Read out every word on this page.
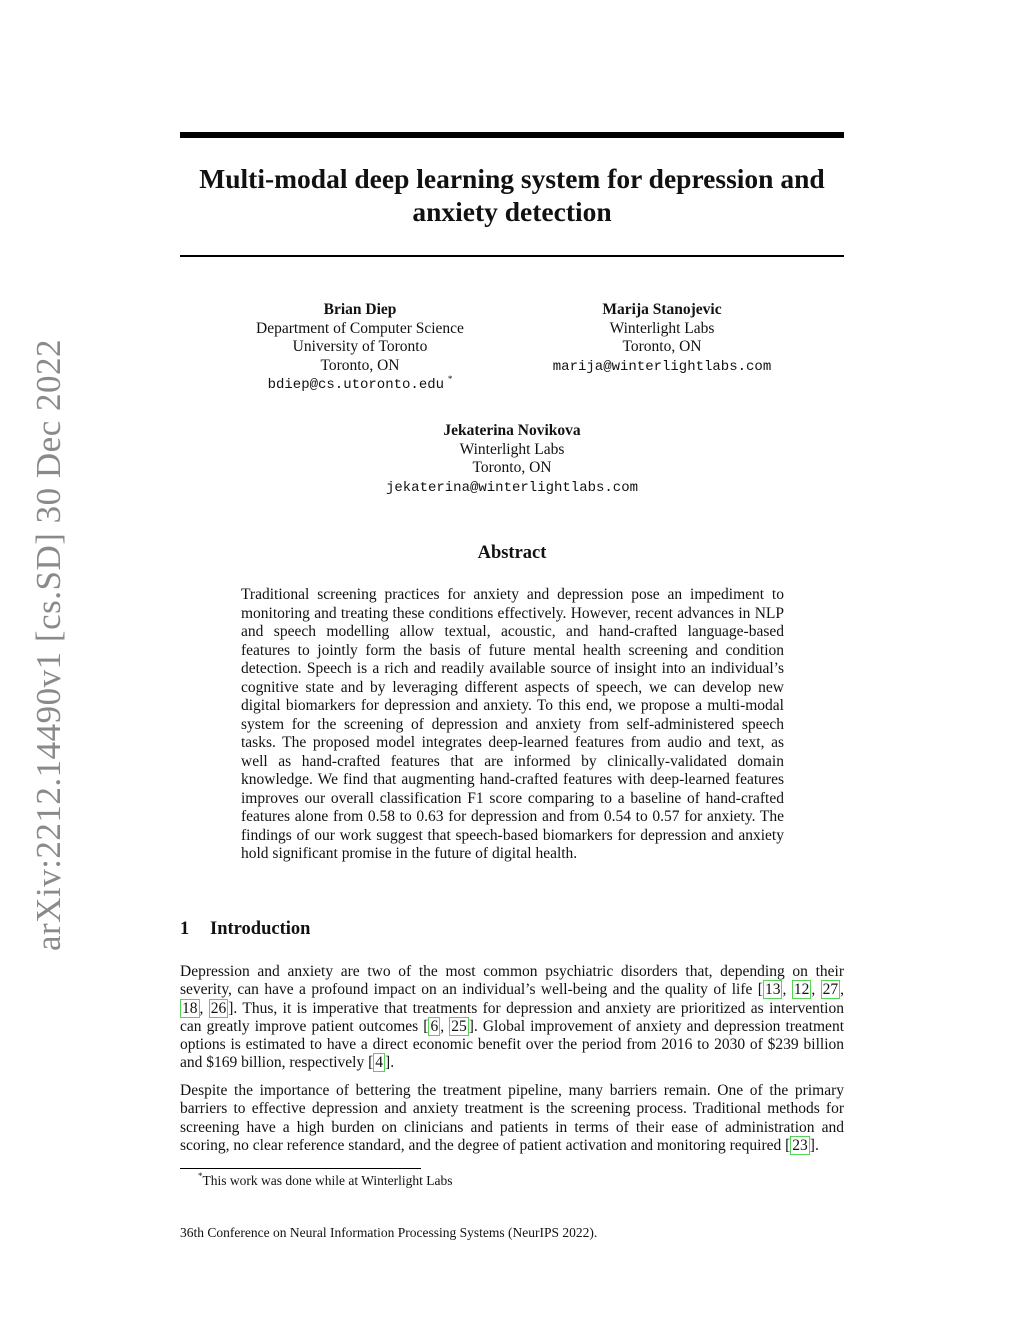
arXiv:2212.14490v1 [cs.SD] 30 Dec 2022
Multi-modal deep learning system for depression and anxiety detection
Brian Diep
Department of Computer Science
University of Toronto
Toronto, ON
bdiep@cs.utoronto.edu *
Marija Stanojevic
Winterlight Labs
Toronto, ON
marija@winterlightlabs.com
Jekaterina Novikova
Winterlight Labs
Toronto, ON
jekaterina@winterlightlabs.com
Abstract

Traditional screening practices for anxiety and depression pose an impediment to monitoring and treating these conditions effectively. However, recent advances in NLP and speech modelling allow textual, acoustic, and hand-crafted language-based features to jointly form the basis of future mental health screening and condition detection. Speech is a rich and readily available source of insight into an individual’s cognitive state and by leveraging different aspects of speech, we can develop new digital biomarkers for depression and anxiety. To this end, we propose a multi-modal system for the screening of depression and anxiety from self-administered speech tasks. The proposed model integrates deep-learned features from audio and text, as well as hand-crafted features that are informed by clinically-validated domain knowledge. We find that augmenting hand-crafted features with deep-learned features improves our overall classification F1 score comparing to a baseline of hand-crafted features alone from 0.58 to 0.63 for depression and from 0.54 to 0.57 for anxiety. The findings of our work suggest that speech-based biomarkers for depression and anxiety hold significant promise in the future of digital health.

1 Introduction

Depression and anxiety are two of the most common psychiatric disorders that, depending on their severity, can have a profound impact on an individual’s well-being and the quality of life [ 13 , 12 , 27 , 18 , 26 ]. Thus, it is imperative that treatments for depression and anxiety are prioritized as intervention can greatly improve patient outcomes [ 6 , 25 ]. Global improvement of anxiety and depression treatment options is estimated to have a direct economic benefit over the period from 2016 to 2030 of $239 billion and $169 billion, respectively [ 4 ].

Despite the importance of bettering the treatment pipeline, many barriers remain. One of the primary barriers to effective depression and anxiety treatment is the screening process. Traditional methods for screening have a high burden on clinicians and patients in terms of their ease of administration and scoring, no clear reference standard, and the degree of patient activation and monitoring required [ 23 ].

*This work was done while at Winterlight Labs

36th Conference on Neural Information Processing Systems (NeurIPS 2022).
